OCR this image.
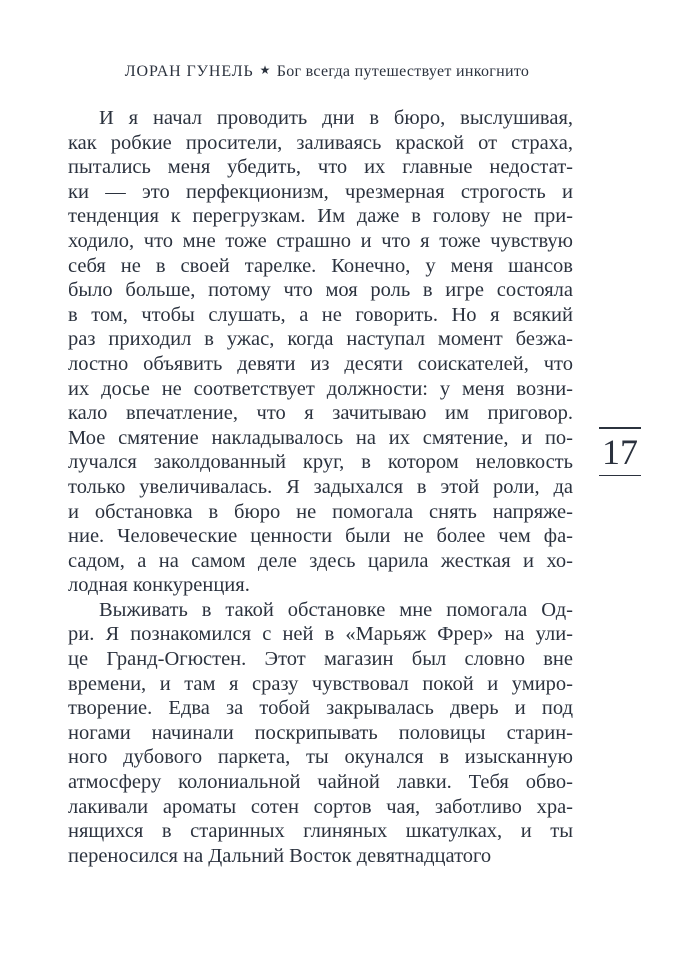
ЛОРАН ГУНЕЛЬ ★ Бог всегда путешествует инкогнито
И я начал проводить дни в бюро, выслушивая,
как робкие просители, заливаясь краской от страха,
пытались меня убедить, что их главные недостат-
ки — это перфекционизм, чрезмерная строгость и
тенденция к перегрузкам. Им даже в голову не при-
ходило, что мне тоже страшно и что я тоже чувствую
себя не в своей тарелке. Конечно, у меня шансов
было больше, потому что моя роль в игре состояла
в том, чтобы слушать, а не говорить. Но я всякий
раз приходил в ужас, когда наступал момент безжа-
лостно объявить девяти из десяти соискателей, что
их досье не соответствует должности: у меня возни-
кало впечатление, что я зачитываю им приговор.
Мое смятение накладывалось на их смятение, и по-
лучался заколдованный круг, в котором неловкость
только увеличивалась. Я задыхался в этой роли, да
и обстановка в бюро не помогала снять напряже-
ние. Человеческие ценности были не более чем фа-
садом, а на самом деле здесь царила жесткая и хо-
лодная конкуренция.
Выживать в такой обстановке мне помогала Од-
ри. Я познакомился с ней в «Марьяж Фрер» на ули-
це Гранд-Огюстен. Этот магазин был словно вне
времени, и там я сразу чувствовал покой и умиро-
творение. Едва за тобой закрывалась дверь и под
ногами начинали поскрипывать половицы старин-
ного дубового паркета, ты окунался в изысканную
атмосферу колониальной чайной лавки. Тебя обво-
лакивали ароматы сотен сортов чая, заботливо хра-
нящихся в старинных глиняных шкатулках, и ты
переносился на Дальний Восток девятнадцатого
17
